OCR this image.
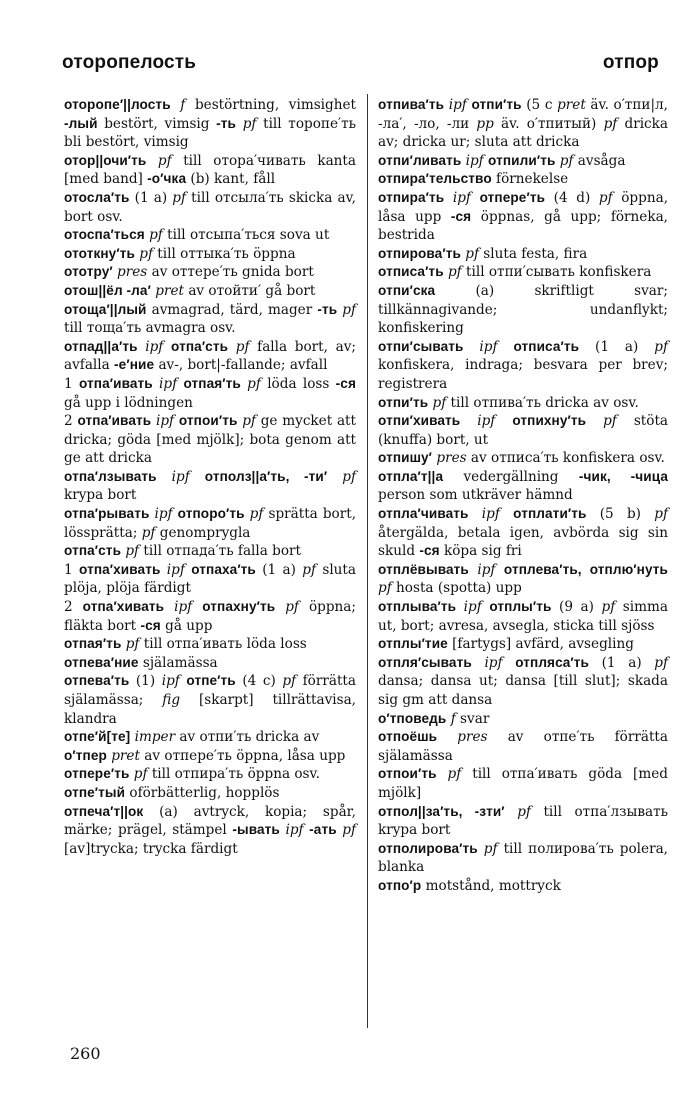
оторопелость	отпор

оторопе′||лость f bestörtning, vimsighet -лый bestört, vimsig -ть pf till торопе′ть bli bestört, vimsig

отор||очи′ть pf till отора′чивать kanta [med band] -о′чка (b) kant, fåll

отосла′ть (1 a) pf till отсыла′ть skicka av, bort osv.

отоспа′ться pf till отсыпа′ться sova ut

ототкну′ть pf till оттыка′ть öppna

ототру′ pres av оттере′ть gnida bort

отош||ёл -ла′ pret av отойти′ gå bort

отоща′||лый avmagrad, tärd, mager -ть pf till тоща′ть avmagra osv.

отпад||а′ть ipf отпа′сть pf falla bort, av; avfalla -е′ние av-, bort|-fallande; avfall

1 отпа′ивать ipf отпая′ть pf löda loss -ся gå upp i lödningen

2 отпа′ивать ipf отпои′ть pf ge mycket att dricka; göda [med mjölk]; bota genom att ge att dricka

отпа′лзывать ipf отполз||а′ть, -ти′ pf krypa bort

отпа′рывать ipf отпоро′ть pf sprätta bort, lössprätta; pf genomprygla

отпа′сть pf till отпада′ть falla bort

1 отпа′хивать ipf отпаха′ть (1 a) pf sluta plöja, plöja färdigt

2 отпа′хивать ipf отпахну′ть pf öppna; fläkta bort -ся gå upp

отпая′ть pf till отпа′ивать löda loss

отпева′ние själamässa

отпева′ть (1) ipf отпе′ть (4 c) pf förrätta själamässa; fig [skarpt] tillrättavisa, klandra

отпе′й[те] imper av отпи′ть dricka av

о′тпер pret av отпере′ть öppna, låsa upp

отпере′ть pf till отпира′ть öppna osv.

отпе′тый oförbätterlig, hopplös

отпеча′т||ок (a) avtryck, kopia; spår, märke; prägel, stämpel -ывать ipf -ать pf [av]trycka; trycka färdigt

отпива′ть ipf отпи′ть (5 c pret äv. о′тпи|л, -ла′, -ло, -ли pp äv. о′тпитый) pf dricka av; dricka ur; sluta att dricka

отпи′ливать ipf отпили′ть pf avsåga

отпира′тельство förnekelse

отпира′ть ipf отпере′ть (4 d) pf öppna, låsa upp -ся öppnas, gå upp; förneka, bestrida

отпирова′ть pf sluta festa, fira

отписа′ть pf till отпи′сывать konfiskera

отпи′ска (a) skriftligt svar; tillkännagivande; undanflykt; konfiskering

отпи′сывать ipf отписа′ть (1 a) pf konfiskera, indraga; besvara per brev; registrera

отпи′ть pf till отпива′ть dricka av osv.

отпи′хивать ipf отпихну′ть pf stöta (knuffa) bort, ut

отпишу′ pres av отписа′ть konfiskera osv.

отпла′т||а vedergällning -чик, -чица person som utkräver hämnd

отпла′чивать ipf отплати′ть (5 b) pf återgälda, betala igen, avbörda sig sin skuld -ся köpa sig fri

отплёвывать ipf отплева′ть, отплю′нуть pf hosta (spotta) upp

отплыва′ть ipf отплы′ть (9 a) pf simma ut, bort; avresa, avsegla, sticka till sjöss

отплы′тие [fartygs] avfärd, avsegling

отпля′сывать ipf отплясa′ть (1 a) pf dansa; dansa ut; dansa [till slut]; skada sig gm att dansa

о′тповедь f svar

отпоёшь pres av отпе′ть förrätta själamässa

отпои′ть pf till отпа′ивать göda [med mjölk]

отпол||за′ть, -зти′ pf till отпа′лзывать krypa bort

отполирова′ть pf till полирова′ть polera, blanka

отпо′р motstånd, mottryck

260
